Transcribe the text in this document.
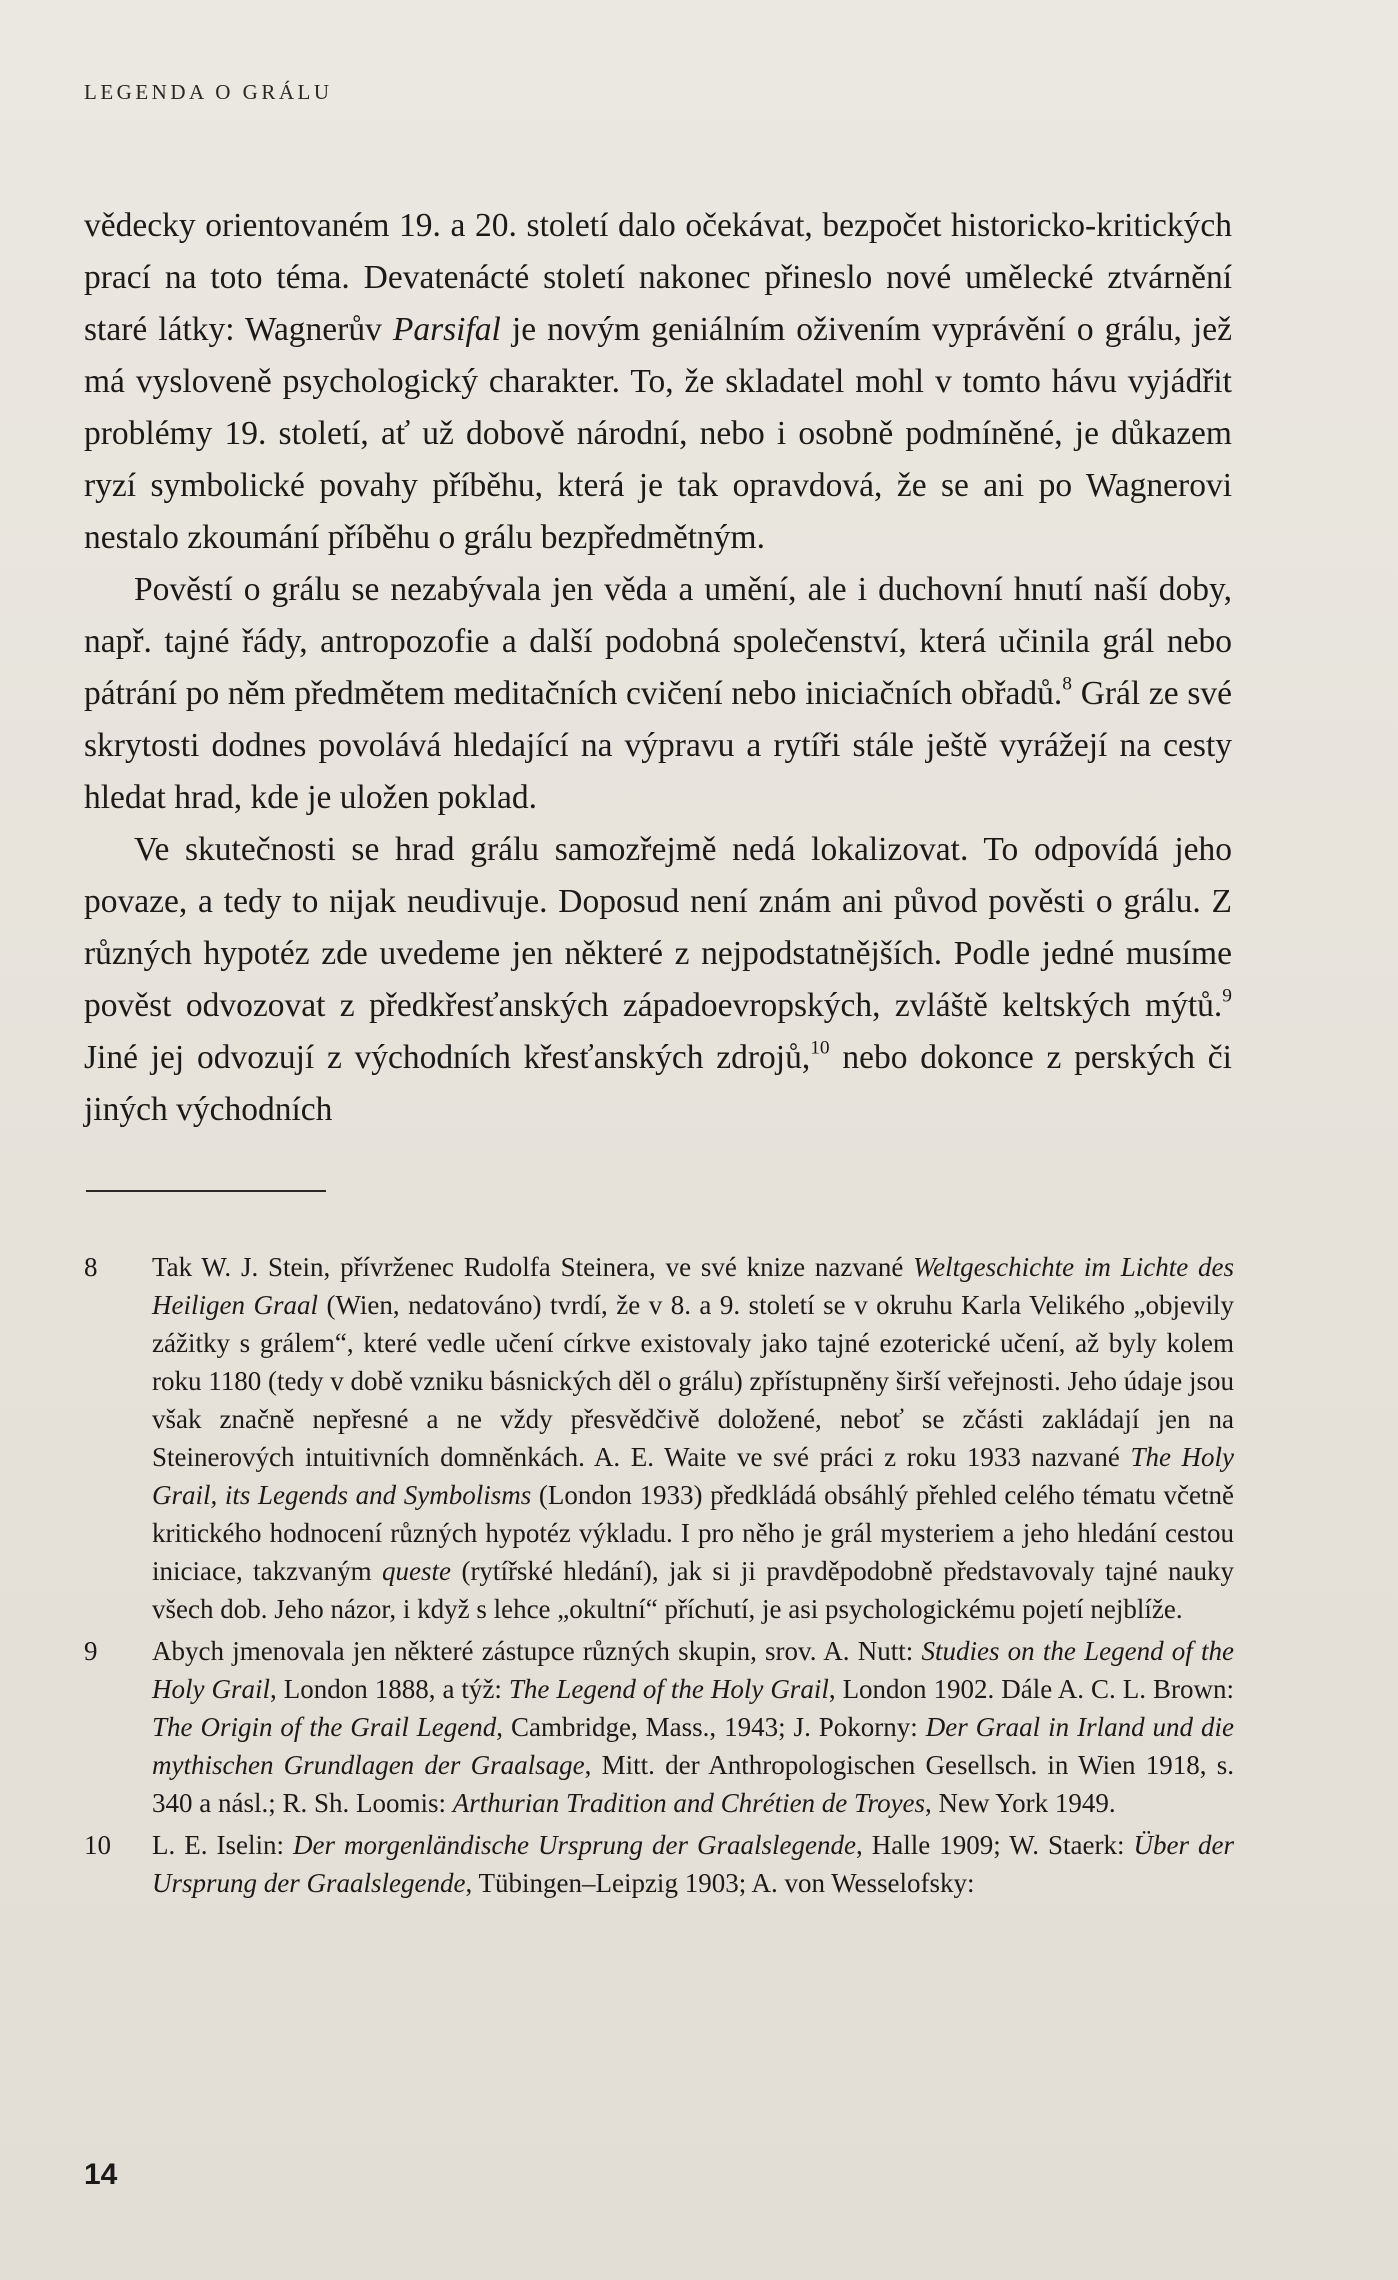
LEGENDA O GRÁLU

vědecky orientovaném 19. a 20. století dalo očekávat, bezpočet historicko-kritických prací na toto téma. Devatenácté století nakonec přineslo nové umělecké ztvárnění staré látky: Wagnerův Parsifal je novým geniálním oživením vyprávění o grálu, jež má vysloveně psychologický charakter. To, že skladatel mohl v tomto hávu vyjádřit problémy 19. století, ať už dobově národní, nebo i osobně podmíněné, je důkazem ryzí symbolické povahy příběhu, která je tak opravdová, že se ani po Wagnerovi nestalo zkoumání příběhu o grálu bezpředmětným.

Pověstí o grálu se nezabývala jen věda a umění, ale i duchovní hnutí naší doby, např. tajné řády, antropozofie a další podobná společenství, která učinila grál nebo pátrání po něm předmětem meditačních cvičení nebo iniciačních obřadů.$^8$ Grál ze své skrytosti dodnes povolává hledající na výpravu a rytíři stále ještě vyrážejí na cesty hledat hrad, kde je uložen poklad.

Ve skutečnosti se hrad grálu samozřejmě nedá lokalizovat. To odpovídá jeho povaze, a tedy to nijak neudivuje. Doposud není znám ani původ pověsti o grálu. Z různých hypotéz zde uvedeme jen některé z nejpodstatnějších. Podle jedné musíme pověst odvozovat z předkřesťanských západoevropských, zvláště keltských mýtů.$^9$ Jiné jej odvozují z východních křesťanských zdrojů,$^{10}$ nebo dokonce z perských či jiných východních

8	Tak W. J. Stein, přívrženec Rudolfa Steinera, ve své knize nazvané Weltgeschichte im Lichte des Heiligen Graal (Wien, nedatováno) tvrdí, že v 8. a 9. století se v okruhu Karla Velikého „objevily zážitky s grálem“, které vedle učení církve existovaly jako tajné ezoterické učení, až byly kolem roku 1180 (tedy v době vzniku básnických děl o grálu) zpřístupněny širší veřejnosti. Jeho údaje jsou však značně nepřesné a ne vždy přesvědčivě doložené, neboť se zčásti zakládají jen na Steinerových intuitivních domněnkách. A. E. Waite ve své práci z roku 1933 nazvané The Holy Grail, its Legends and Symbolisms (London 1933) předkládá obsáhlý přehled celého tématu včetně kritického hodnocení různých hypotéz výkladu. I pro něho je grál mysteriem a jeho hledání cestou iniciace, takzvaným queste (rytířské hledání), jak si ji pravděpodobně představovaly tajné nauky všech dob. Jeho názor, i když s lehce „okultní“ příchutí, je asi psychologickému pojetí nejblíže.
9	Abych jmenovala jen některé zástupce různých skupin, srov. A. Nutt: Studies on the Legend of the Holy Grail, London 1888, a týž: The Legend of the Holy Grail, London 1902. Dále A. C. L. Brown: The Origin of the Grail Legend, Cambridge, Mass., 1943; J. Pokorny: Der Graal in Irland und die mythischen Grundlagen der Graalsage, Mitt. der Anthropologischen Gesellsch. in Wien 1918, s. 340 a násl.; R. Sh. Loomis: Arthurian Tradition and Chrétien de Troyes, New York 1949.
10	L. E. Iselin: Der morgenländische Ursprung der Graalslegende, Halle 1909; W. Staerk: Über der Ursprung der Graalslegende, Tübingen–Leipzig 1903; A. von Wesselofsky:
14
